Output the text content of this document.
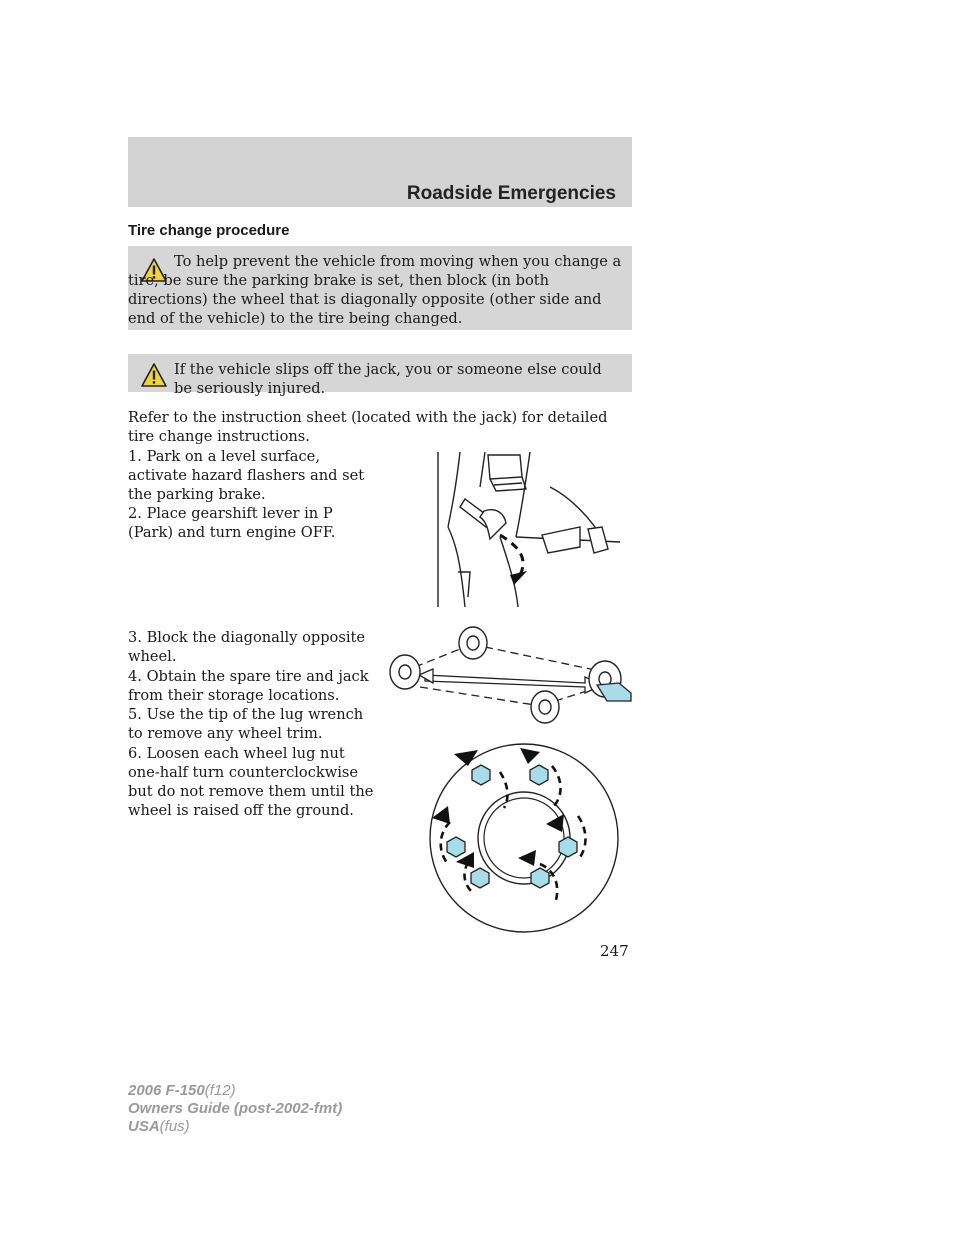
Roadside Emergencies
Tire change procedure
To help prevent the vehicle from moving when you change a tire, be sure the parking brake is set, then block (in both directions) the wheel that is diagonally opposite (other side and end of the vehicle) to the tire being changed.
If the vehicle slips off the jack, you or someone else could be seriously injured.
Refer to the instruction sheet (located with the jack) for detailed tire change instructions.
1. Park on a level surface, activate hazard flashers and set the parking brake.
2. Place gearshift lever in P (Park) and turn engine OFF.
3. Block the diagonally opposite wheel.
4. Obtain the spare tire and jack from their storage locations.
5. Use the tip of the lug wrench to remove any wheel trim.
6. Loosen each wheel lug nut one-half turn counterclockwise but do not remove them until the wheel is raised off the ground.
247
2006 F-150(f12)
Owners Guide (post-2002-fmt)
USA(fus)
